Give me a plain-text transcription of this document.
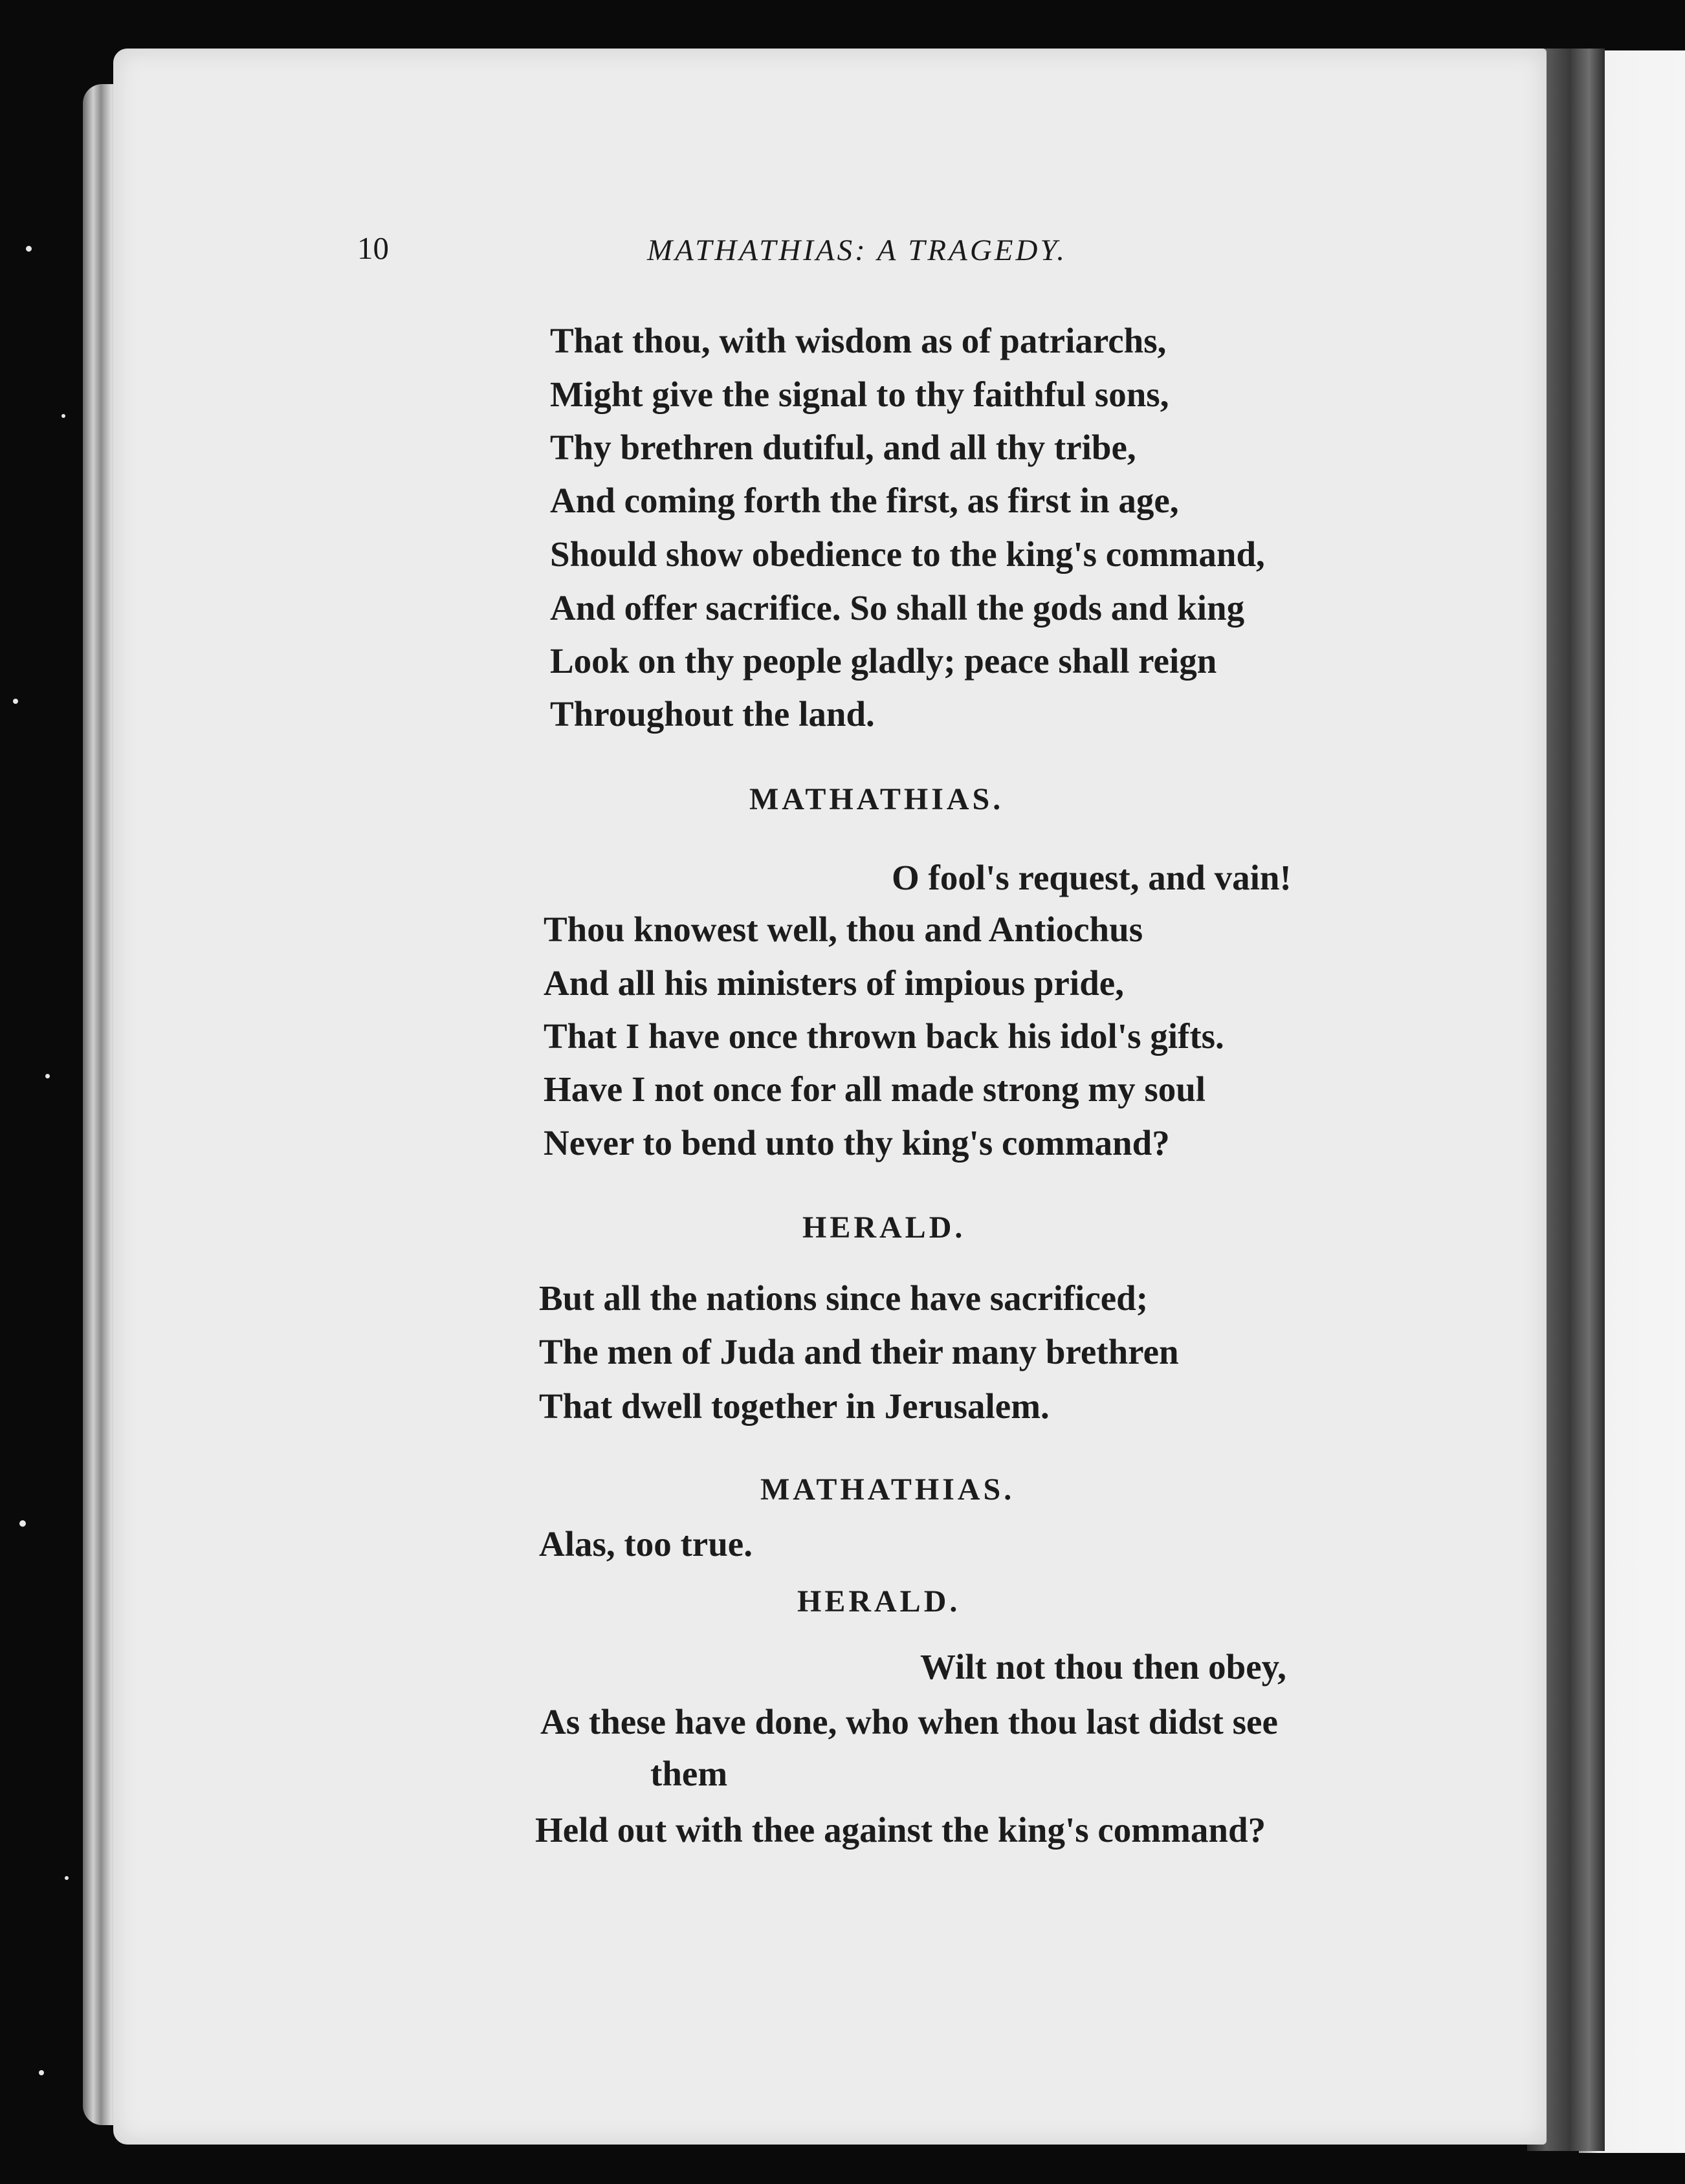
10	MATHATHIAS: A TRAGEDY.
That thou, with wisdom as of patriarchs,
Might give the signal to thy faithful sons,
Thy brethren dutiful, and all thy tribe,
And coming forth the first, as first in age,
Should show obedience to the king's command,
And offer sacrifice. So shall the gods and king
Look on thy people gladly; peace shall reign
Throughout the land.
MATHATHIAS.
O fool's request, and vain!
Thou knowest well, thou and Antiochus
And all his ministers of impious pride,
That I have once thrown back his idol's gifts.
Have I not once for all made strong my soul
Never to bend unto thy king's command?
HERALD.
But all the nations since have sacrificed;
The men of Juda and their many brethren
That dwell together in Jerusalem.
MATHATHIAS.
Alas, too true.
HERALD.
Wilt not thou then obey,
As these have done, who when thou last didst see
them
Held out with thee against the king's command?
